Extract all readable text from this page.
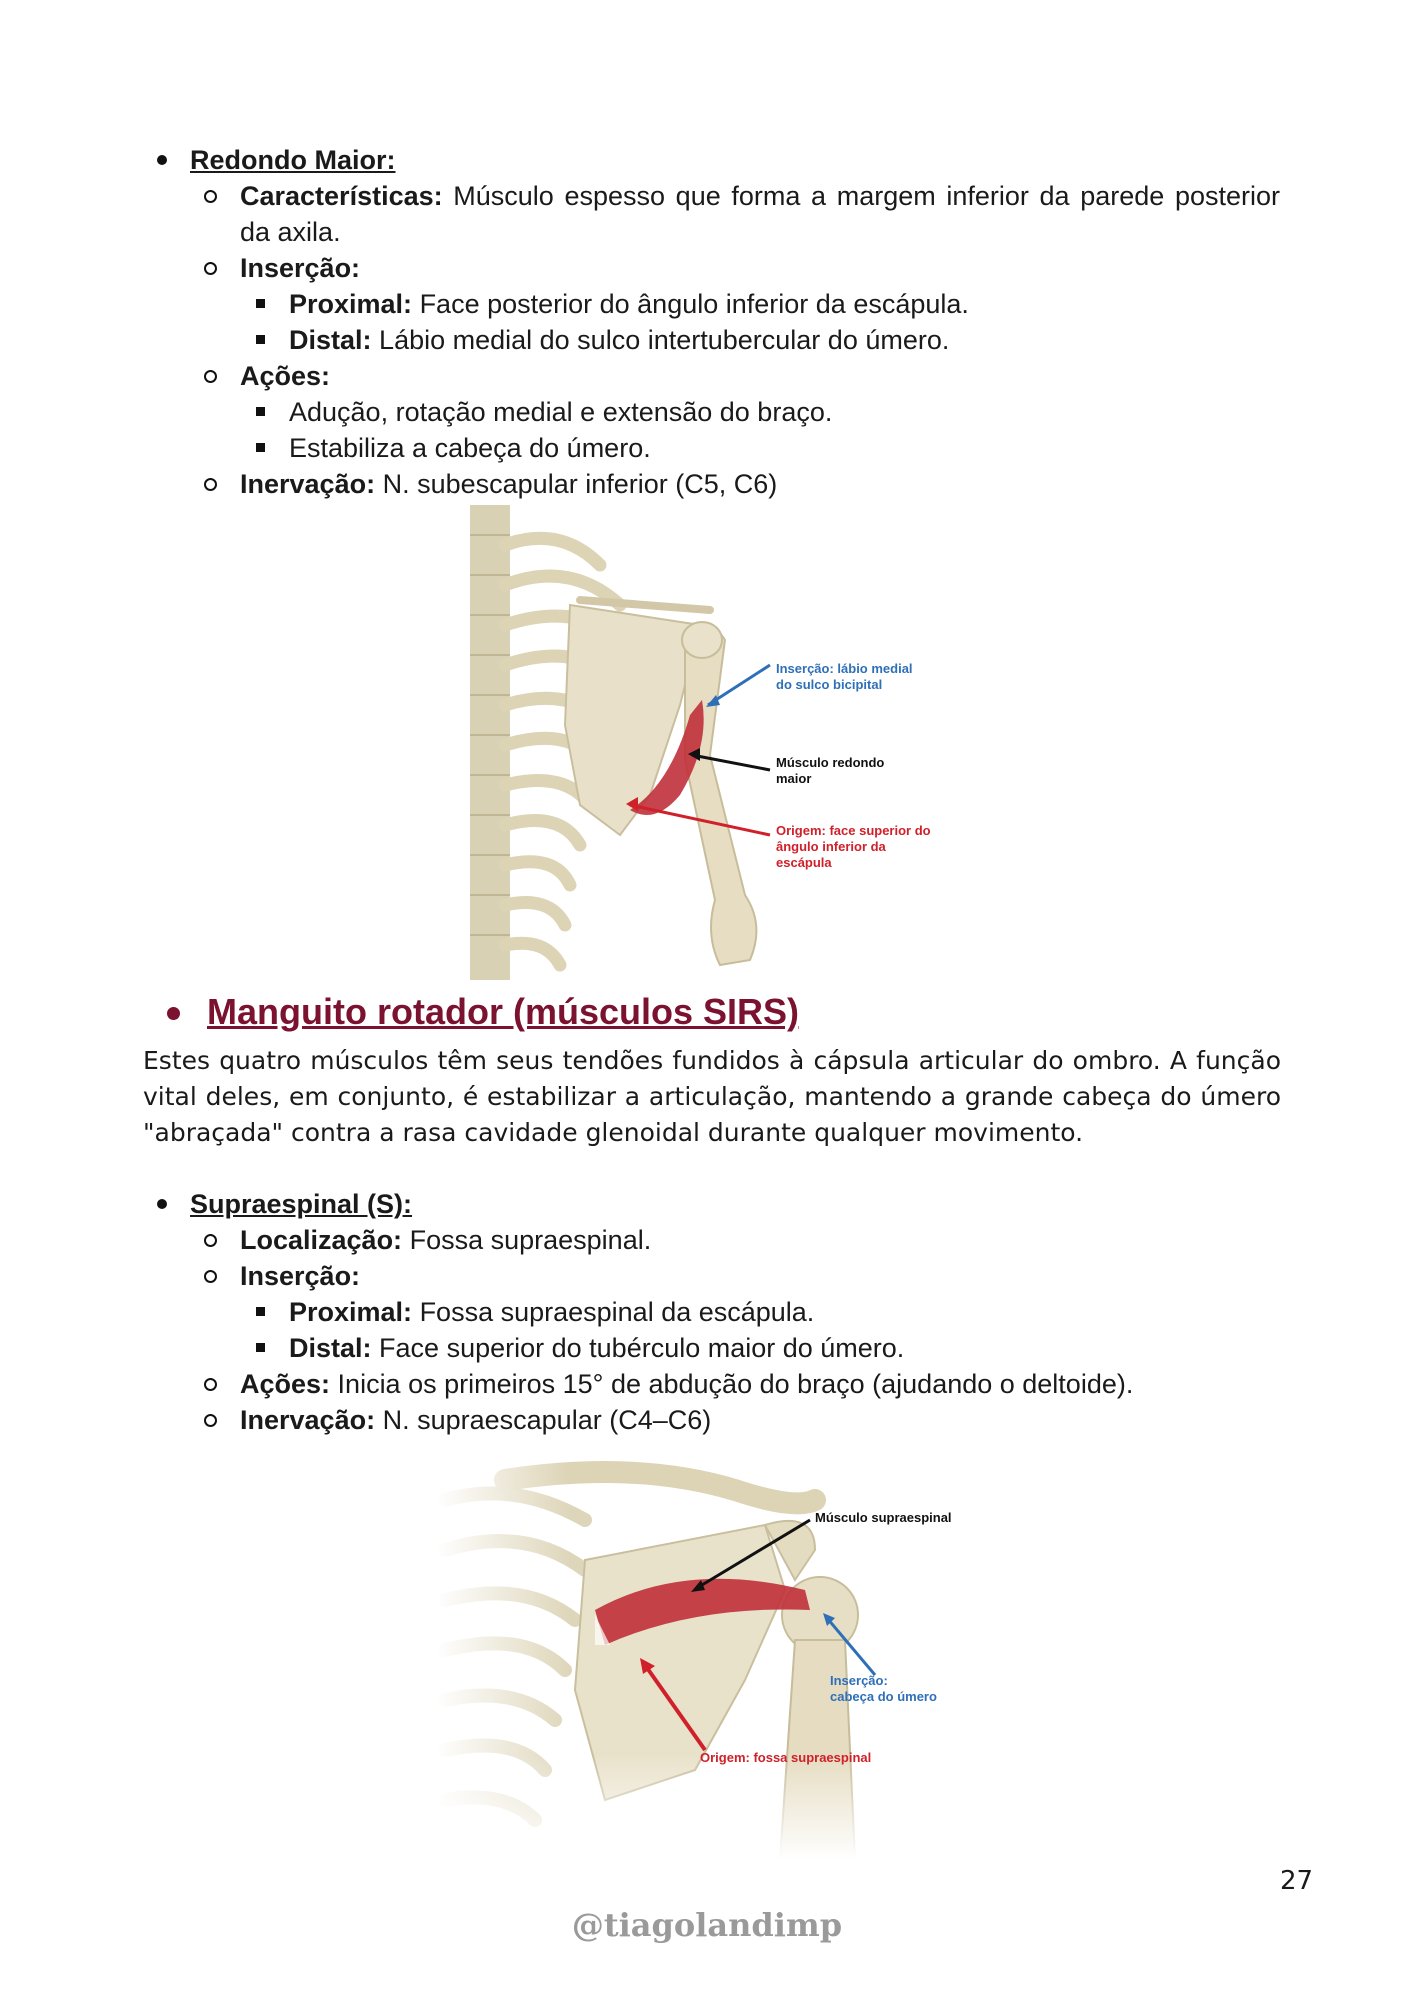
Redondo Maior:
Características: Músculo espesso que forma a margem inferior da parede posterior da axila.
Inserção:
Proximal: Face posterior do ângulo inferior da escápula.
Distal: Lábio medial do sulco intertubercular do úmero.
Ações:
Adução, rotação medial e extensão do braço.
Estabiliza a cabeça do úmero.
Inervação: N. subescapular inferior (C5, C6)
Inserção: lábio medial
do sulco bicipital
Músculo redondo
maior
Origem: face superior do
ângulo inferior da
escápula
Manguito rotador (músculos SIRS)
Estes quatro músculos têm seus tendões fundidos à cápsula articular do ombro. A função vital deles, em conjunto, é estabilizar a articulação, mantendo a grande cabeça do úmero "abraçada" contra a rasa cavidade glenoidal durante qualquer movimento.
Supraespinal (S):
Localização: Fossa supraespinal.
Inserção:
Proximal: Fossa supraespinal da escápula.
Distal: Face superior do tubérculo maior do úmero.
Ações: Inicia os primeiros 15° de abdução do braço (ajudando o deltoide).
Inervação: N. supraescapular (C4–C6)
Músculo supraespinal
Inserção:
cabeça do úmero
Origem: fossa supraespinal
27
@tiagolandimp
